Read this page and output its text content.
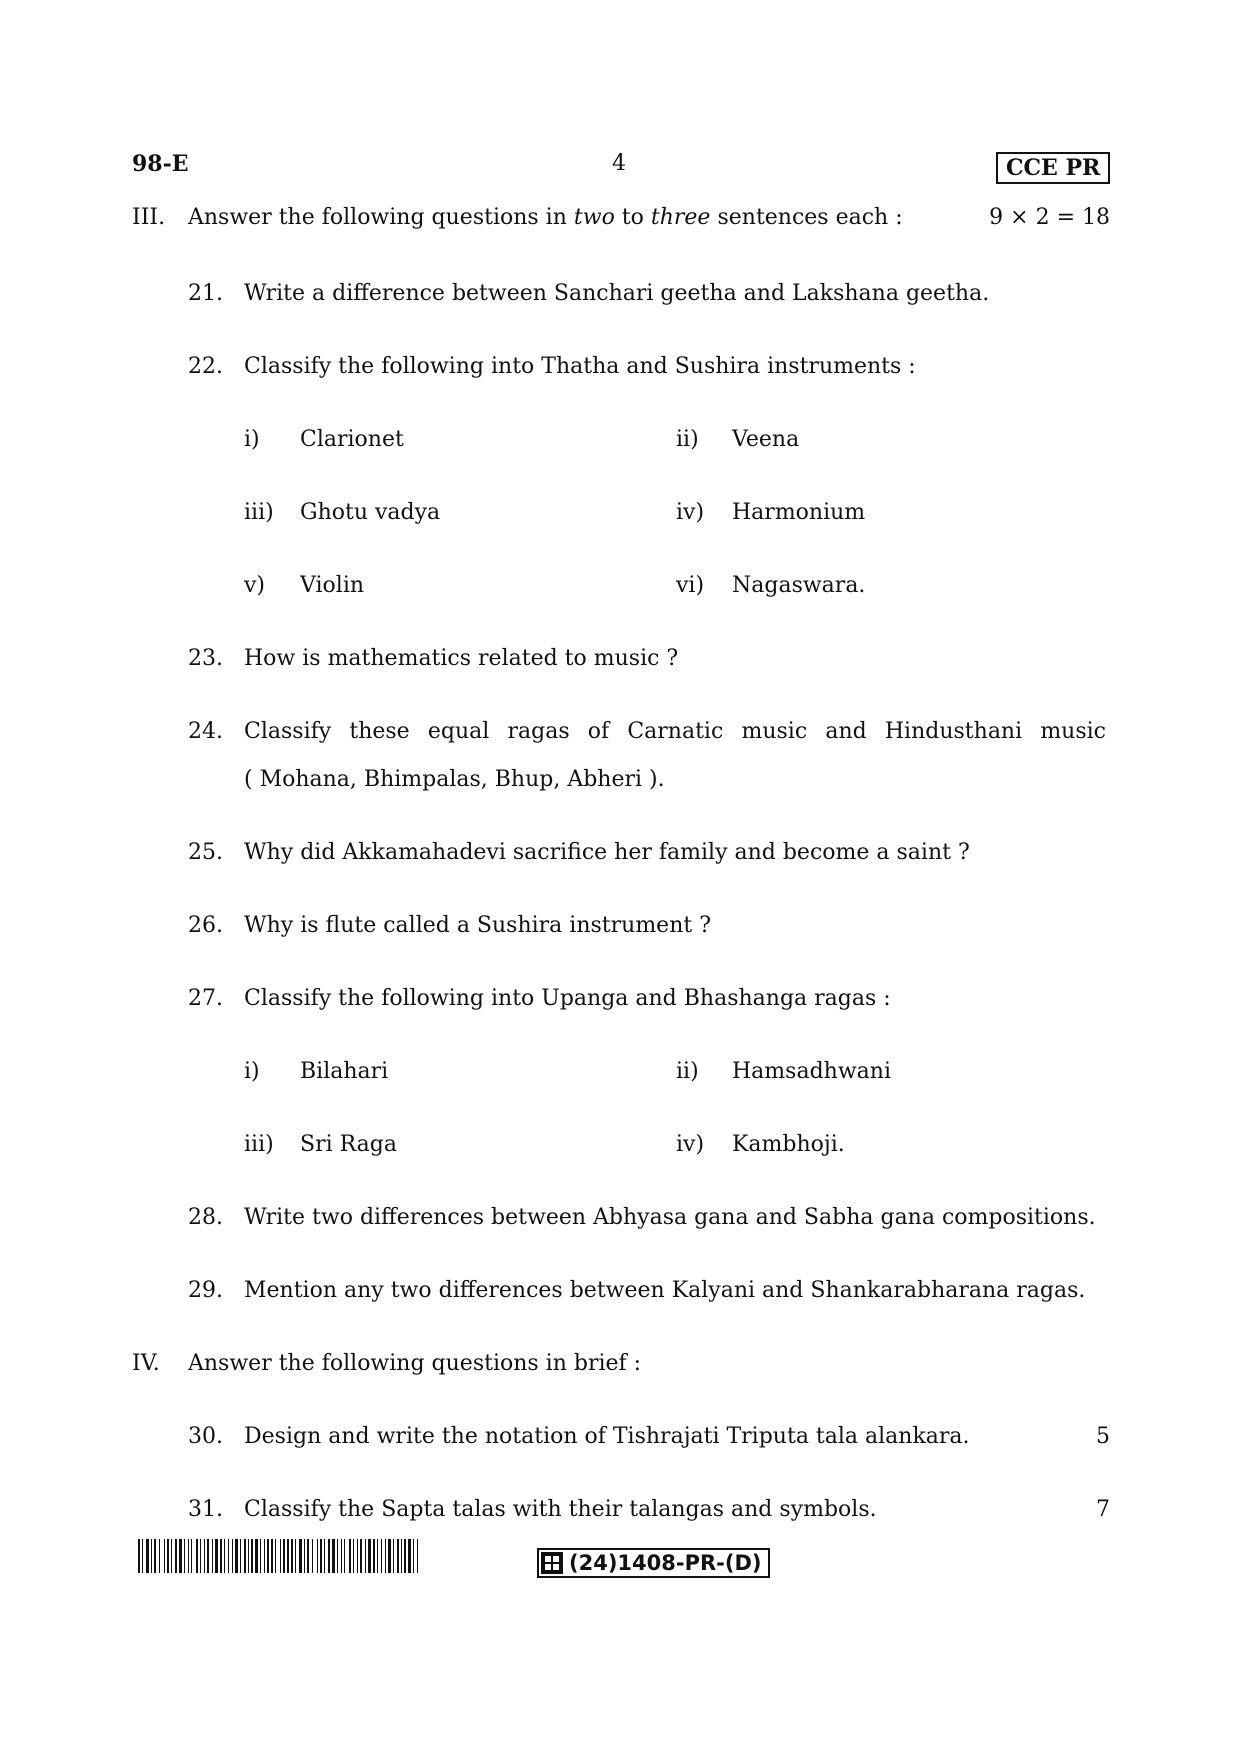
98-E	4	CCE PR
III. Answer the following questions in two to three sentences each :	9 × 2 = 18
21. Write a difference between Sanchari geetha and Lakshana geetha.
22. Classify the following into Thatha and Sushira instruments :
i) Clarionet	ii) Veena
iii) Ghotu vadya	iv) Harmonium
v) Violin	vi) Nagaswara.
23. How is mathematics related to music ?
24. Classify these equal ragas of Carnatic music and Hindusthani music
( Mohana, Bhimpalas, Bhup, Abheri ).
25. Why did Akkamahadevi sacrifice her family and become a saint ?
26. Why is flute called a Sushira instrument ?
27. Classify the following into Upanga and Bhashanga ragas :
i) Bilahari	ii) Hamsadhwani
iii) Sri Raga	iv) Kambhoji.
28. Write two differences between Abhyasa gana and Sabha gana compositions.
29. Mention any two differences between Kalyani and Shankarabharana ragas.
IV. Answer the following questions in brief :
30. Design and write the notation of Tishrajati Triputa tala alankara.	5
31. Classify the Sapta talas with their talangas and symbols.	7
(24)1408-PR-(D)
